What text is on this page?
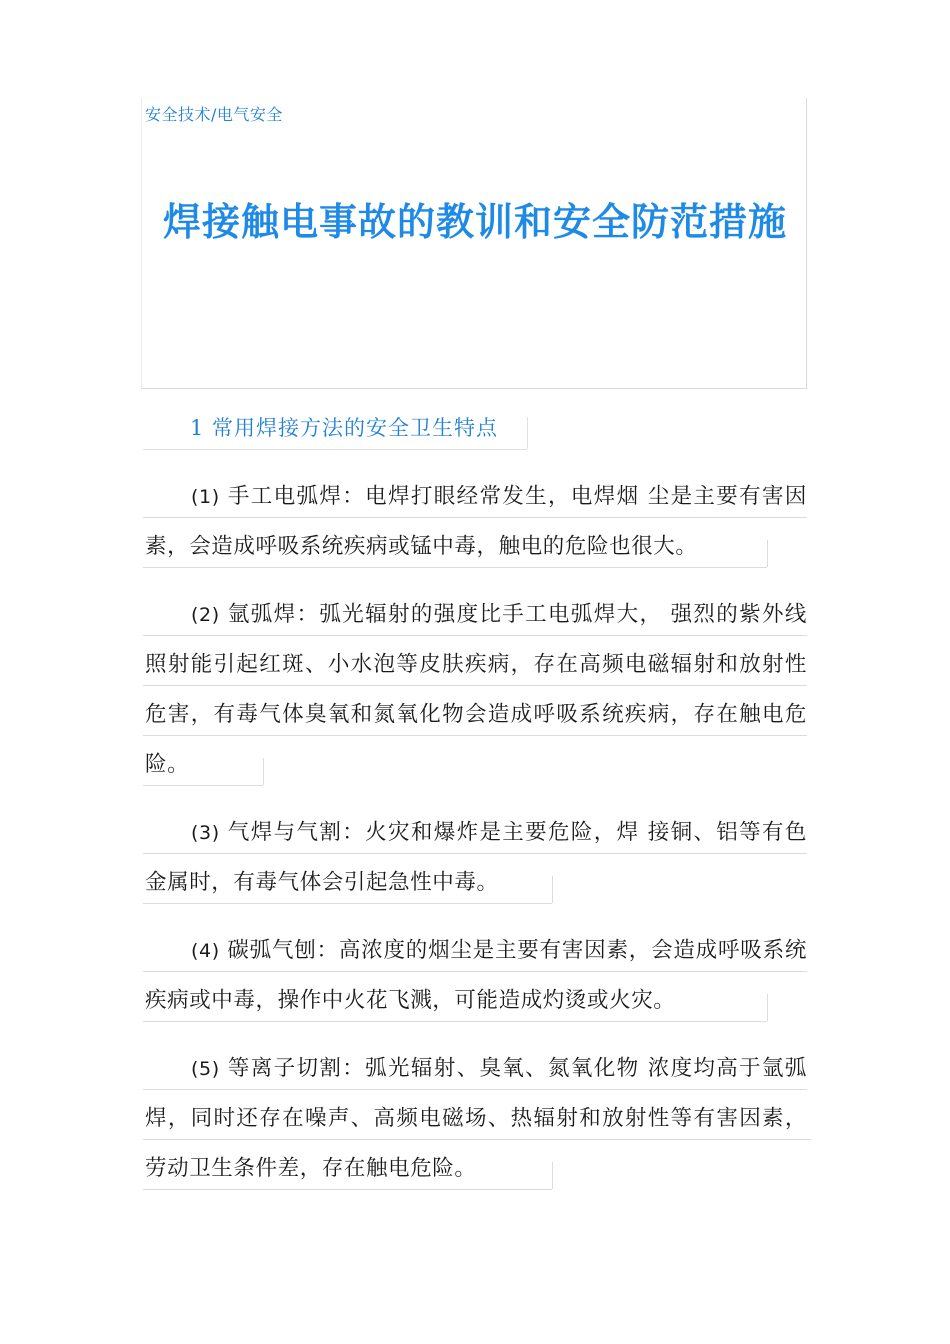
安全技术/电气安全
焊接触电事故的教训和安全防范措施
1 常用焊接方法的安全卫生特点

(1) 手工电弧焊：电焊打眼经常发生，电焊烟 尘是主要有害因素，会造成呼吸系统疾病或锰中毒，触电的危险也很大。

(2) 氩弧焊：弧光辐射的强度比手工电弧焊大， 强烈的紫外线照射能引起红斑、小水泡等皮肤疾病，存在高频电磁辐射和放射性危害，有毒气体臭氧和氮氧化物会造成呼吸系统疾病，存在触电危险。

(3) 气焊与气割：火灾和爆炸是主要危险，焊 接铜、铝等有色金属时，有毒气体会引起急性中毒。

(4) 碳弧气刨：高浓度的烟尘是主要有害因素，会造成呼吸系统疾病或中毒，操作中火花飞溅，可能造成灼烫或火灾。

(5) 等离子切割：弧光辐射、臭氧、氮氧化物 浓度均高于氩弧焊，同时还存在噪声、高频电磁场、热辐射和放射性等有害因素，劳动卫生条件差，存在触电危险。
